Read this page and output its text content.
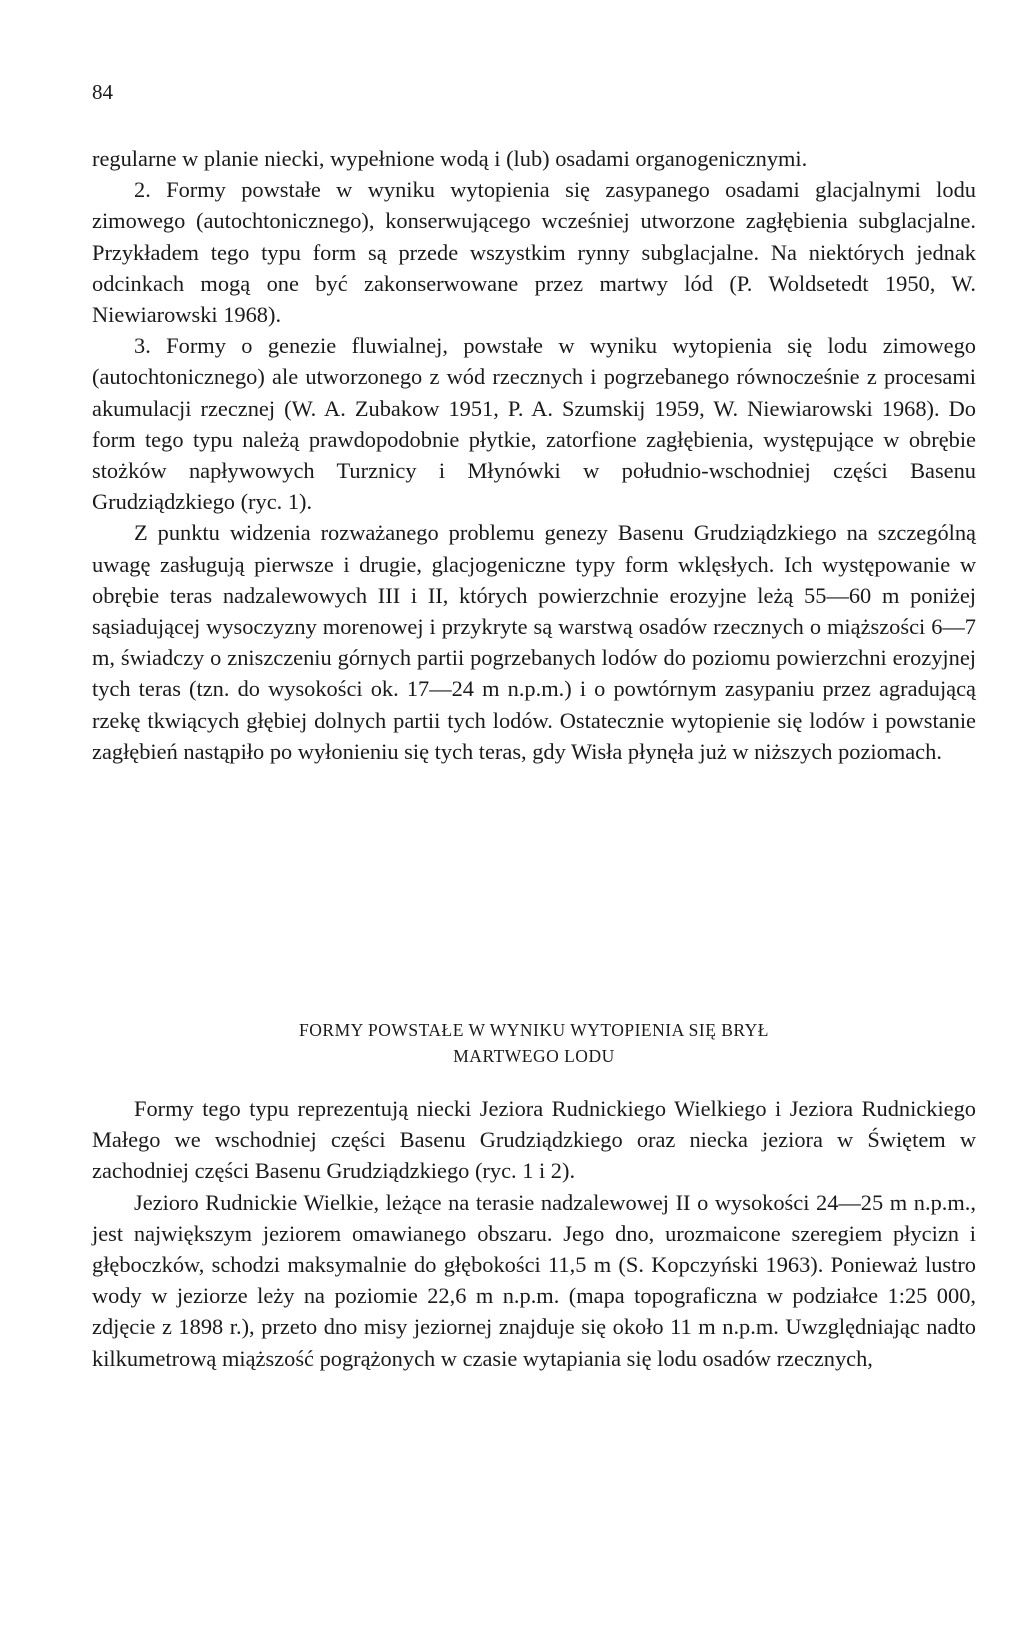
84

regularne w planie niecki, wypełnione wodą i (lub) osadami organogenicznymi.

2. Formy powstałe w wyniku wytopienia się zasypanego osadami glacjalnymi lodu zimowego (autochtonicznego), konserwującego wcześniej utworzone zagłębienia subglacjalne. Przykładem tego typu form są przede wszystkim rynny subglacjalne. Na niektórych jednak odcinkach mogą one być zakonserwowane przez martwy lód (P. Woldsetedt 1950, W. Niewiarowski 1968).

3. Formy o genezie fluwialnej, powstałe w wyniku wytopienia się lodu zimowego (autochtonicznego) ale utworzonego z wód rzecznych i pogrzebanego równocześnie z procesami akumulacji rzecznej (W. A. Zubakow 1951, P. A. Szumskij 1959, W. Niewiarowski 1968). Do form tego typu należą prawdopodobnie płytkie, zatorfione zagłębienia, występujące w obrębie stożków napływowych Turznicy i Młynówki w południo-wschodniej części Basenu Grudziądzkiego (ryc. 1).

Z punktu widzenia rozważanego problemu genezy Basenu Grudziądzkiego na szczególną uwagę zasługują pierwsze i drugie, glacjogeniczne typy form wklęsłych. Ich występowanie w obrębie teras nadzalewowych III i II, których powierzchnie erozyjne leżą 55—60 m poniżej sąsiadującej wysoczyzny morenowej i przykryte są warstwą osadów rzecznych o miąższości 6—7 m, świadczy o zniszczeniu górnych partii pogrzebanych lodów do poziomu powierzchni erozyjnej tych teras (tzn. do wysokości ok. 17—24 m n.p.m.) i o powtórnym zasypaniu przez agradującą rzekę tkwiących głębiej dolnych partii tych lodów. Ostatecznie wytopienie się lodów i powstanie zagłębień nastąpiło po wyłonieniu się tych teras, gdy Wisła płynęła już w niższych poziomach.

FORMY POWSTAŁE W WYNIKU WYTOPIENIA SIĘ BRYŁ
MARTWEGO LODU

Formy tego typu reprezentują niecki Jeziora Rudnickiego Wielkiego i Jeziora Rudnickiego Małego we wschodniej części Basenu Grudziądzkiego oraz niecka jeziora w Świętem w zachodniej części Basenu Grudziądzkiego (ryc. 1 i 2).

Jezioro Rudnickie Wielkie, leżące na terasie nadzalewowej II o wysokości 24—25 m n.p.m., jest największym jeziorem omawianego obszaru. Jego dno, urozmaicone szeregiem płycizn i głęboczków, schodzi maksymalnie do głębokości 11,5 m (S. Kopczyński 1963). Ponieważ lustro wody w jeziorze leży na poziomie 22,6 m n.p.m. (mapa topograficzna w podziałce 1:25 000, zdjęcie z 1898 r.), przeto dno misy jeziornej znajduje się około 11 m n.p.m. Uwzględniając nadto kilkumetrową miąższość pogrążonych w czasie wytapiania się lodu osadów rzecznych,
